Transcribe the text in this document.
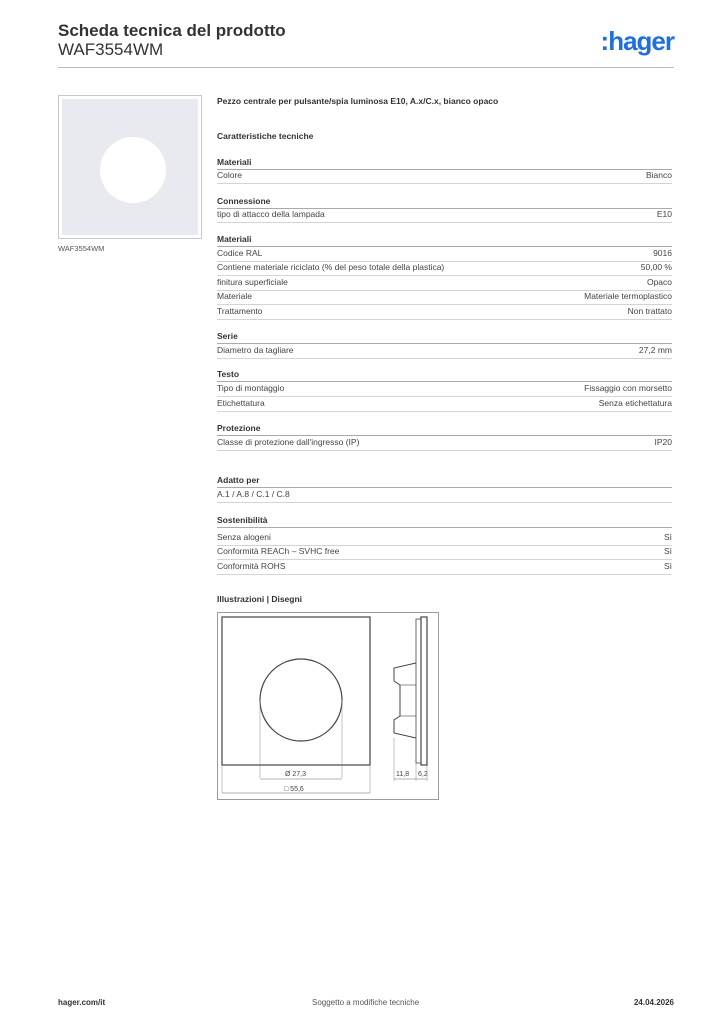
Scheda tecnica del prodotto
WAF3554WM	:hager
WAF3554WM
Pezzo centrale per pulsante/spia luminosa E10, A.x/C.x, bianco opaco
Caratteristiche tecniche
Materiali
Colore	Bianco
Connessione
tipo di attacco della lampada	E10
Materiali
Codice RAL	9016
Contiene materiale riciclato (% del peso totale della plastica)	50,00 %
finitura superficiale	Opaco
Materiale	Materiale termoplastico
Trattamento	Non trattato
Serie
Diametro da tagliare	27,2 mm
Testo
Tipo di montaggio	Fissaggio con morsetto
Etichettatura	Senza etichettatura
Protezione
Classe di protezione dall'ingresso (IP)	IP20
Adatto per
A.1 / A.8 / C.1 / C.8
Sostenibilità
Senza alogeni	Sì
Conformità REACh – SVHC free	Sì
Conformità ROHS	Sì
Illustrazioni | Disegni
Ø 27,3
□ 55,6
11,8 6,2
hager.com/it	Soggetto a modifiche tecniche	24.04.2026
